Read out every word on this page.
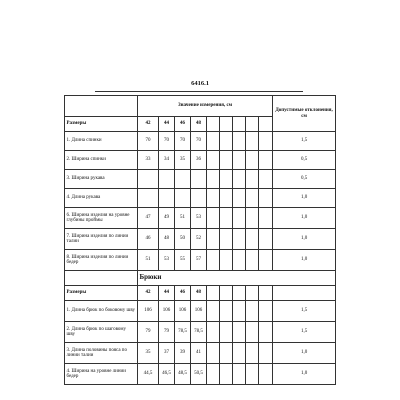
6416.1
	Значение измерения, см									Допустимые отклонения, см
Размеры	42	44	46	48						
1. Длина спинки	70	70	70	70						1,5
2. Ширина спинки	33	34	35	36						0,5
3. Ширина рукава										0,5
4. Длина рукава										1,0
6. Ширина изделия на уровне глубины проймы	47	49	51	53						1,0
7. Ширина изделия по линии талии	46	48	50	52						1,0
8. Ширина изделия по линии бедер	51	53	55	57						1,0
	Брюки									
Размеры	42	44	46	48						
1. Длина брюк по боковому шву	106	106	106	106						1,5
2. Длина брюк по шаговому шву	79	79	78,5	78,5						1,5
3. Длина половины пояса по линии талии	35	37	39	41						1,0
4. Ширина на уровне линии бедер	44,5	46,5	48,5	50,5						1,0
